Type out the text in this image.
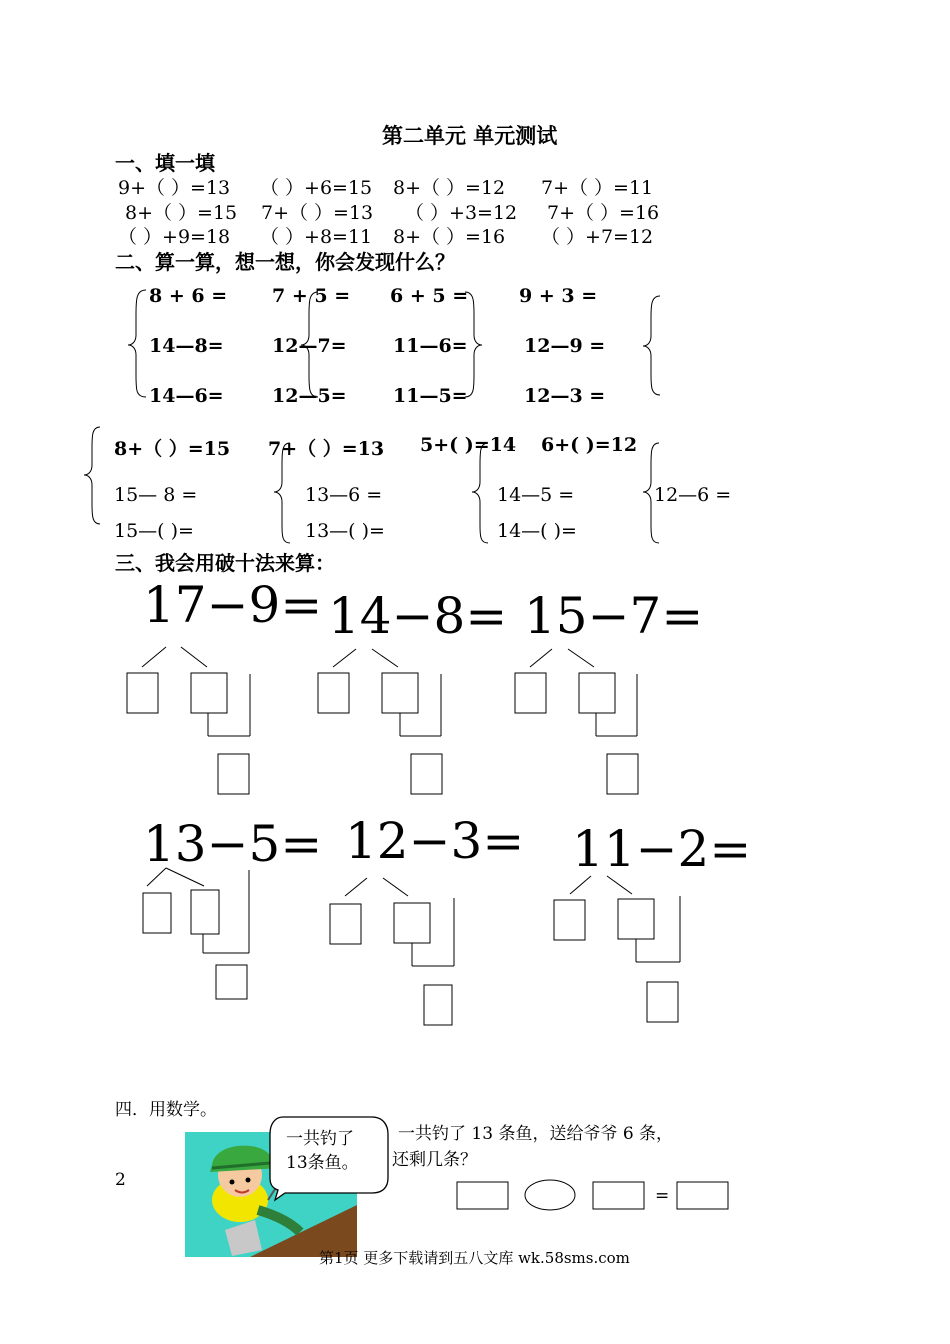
第二单元 单元测试
一、填一填
9+（ ）=13 （ ）+6=15 8+（ ）=12 7+（ ）=11
8+（ ）=15 7+（ ）=13 （ ）+3=12 7+（ ）=16
（ ）+9=18 （ ）+8=11 8+（ ）=16 （ ）+7=12
二、算一算，想一想，你会发现什么？
8 + 6 =
14—8=
14—6=
7 + 5 =
12—7=
12—5=
6 + 5 =
11—6=
11—5=
9 + 3 =
12—9 =
12—3 =
8+（ ）=15
15— 8 =
15—( )=
7+（ ）=13
13—6 =
13—( )=
5+( )=14
14—5 =
14—( )=
6+( )=12
12—6 =
三、我会用破十法来算：
17−9= 14−8= 15−7=
13−5= 12−3= 11−2=
四．用数学。
一共钓了
13条鱼。
一共钓了 13 条鱼，送给爷爷 6 条，
还剩几条？
=
2
第1页 更多下载请到五八文库 wk.58sms.com
